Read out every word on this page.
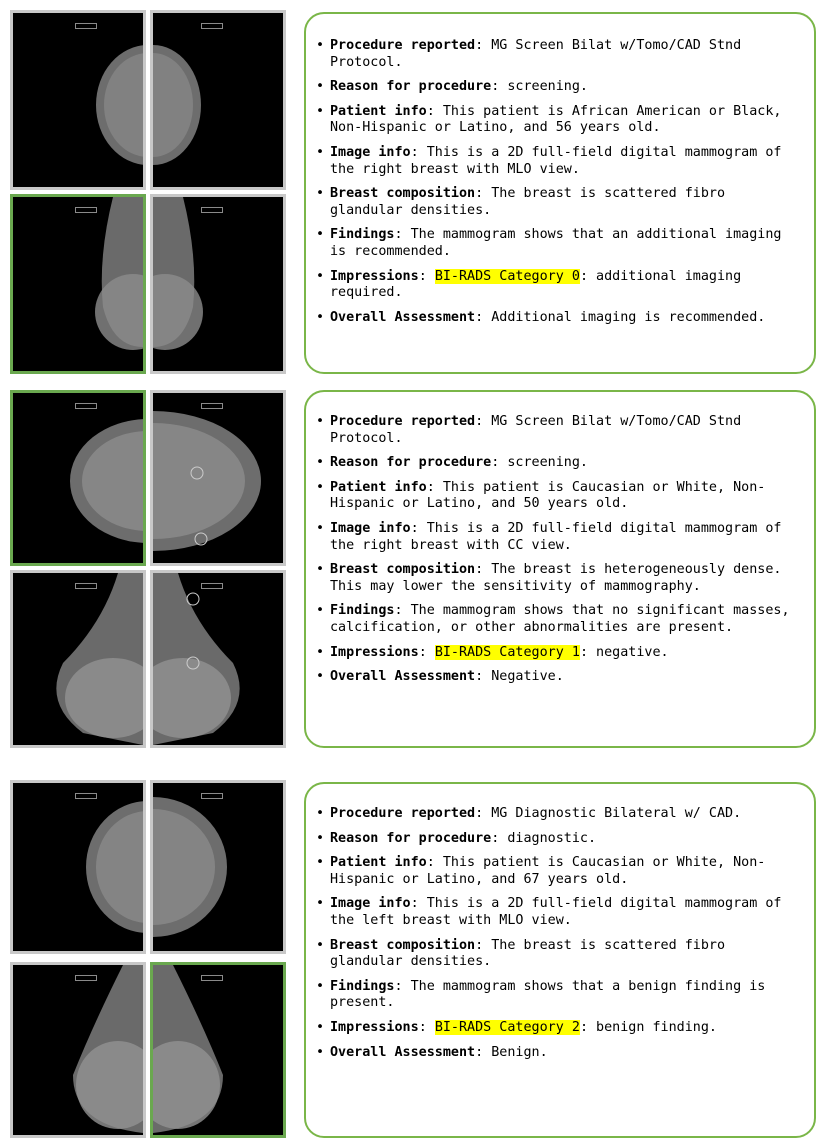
• Procedure reported: MG Screen Bilat w/Tomo/CAD Stnd Protocol.
• Reason for procedure: screening.
• Patient info: This patient is African American or Black, Non-Hispanic or Latino, and 56 years old.
• Image info: This is a 2D full-field digital mammogram of the right breast with MLO view.
• Breast composition: The breast is scattered fibro glandular densities.
• Findings: The mammogram shows that an additional imaging is recommended.
• Impressions: BI-RADS Category 0: additional imaging required.
• Overall Assessment: Additional imaging is recommended.
• Procedure reported: MG Screen Bilat w/Tomo/CAD Stnd Protocol.
• Reason for procedure: screening.
• Patient info: This patient is Caucasian or White, Non-Hispanic or Latino, and 50 years old.
• Image info: This is a 2D full-field digital mammogram of the right breast with CC view.
• Breast composition: The breast is heterogeneously dense. This may lower the sensitivity of mammography.
• Findings: The mammogram shows that no significant masses, calcification, or other abnormalities are present.
• Impressions: BI-RADS Category 1: negative.
• Overall Assessment: Negative.
• Procedure reported: MG Diagnostic Bilateral w/ CAD.
• Reason for procedure: diagnostic.
• Patient info: This patient is Caucasian or White, Non-Hispanic or Latino, and 67 years old.
• Image info: This is a 2D full-field digital mammogram of the left breast with MLO view.
• Breast composition: The breast is scattered fibro glandular densities.
• Findings: The mammogram shows that a benign finding is present.
• Impressions: BI-RADS Category 2: benign finding.
• Overall Assessment: Benign.
